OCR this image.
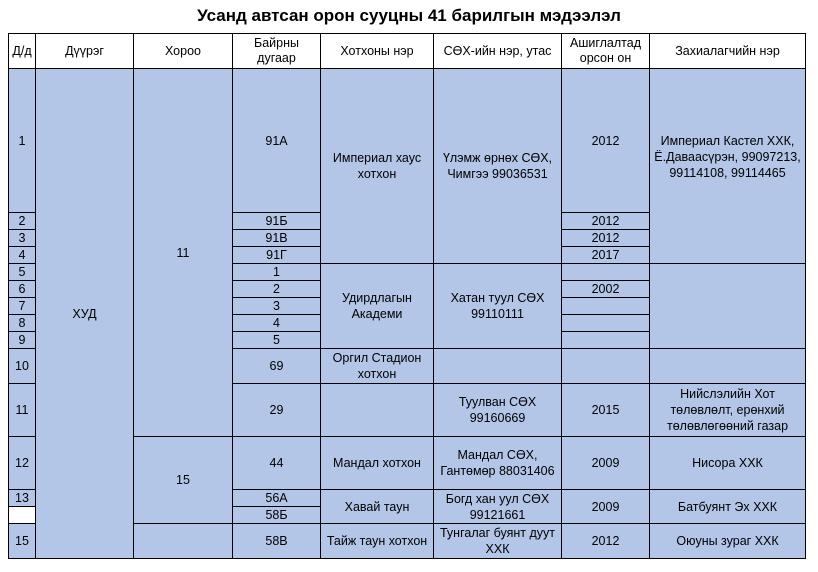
Усанд автсан орон сууцны 41 барилгын мэдээлэл
Д/д	Дүүрэг	Хороо	Байрны дугаар	Хотхоны нэр	СӨХ-ийн нэр, утас	Ашиглалтад орсон он	Захиалагчийн нэр
1	ХУД	11	91А	Империал хаус хотхон	Үлэмж өрнөх СӨХ, Чимгээ 99036531	2012	Империал Кастел ХХК, Ё.Даваасүрэн, 99097213, 99114108, 99114465
2			91Б			2012	
3			91В			2012	
4			91Г			2017	
5			1	Удирдлагын Академи	Хатан туул СӨХ 99110111		
6			2			2002	
7			3				
8			4				
9			5				
10			69	Оргил Стадион хотхон			
11			29		Туулван СӨХ 99160669	2015	Нийслэлийн Хот төлөвлөлт, ерөнхий төлөвлөгөөний газар
12		15	44	Мандал хотхон	Мандал СӨХ, Гантөмөр 88031406	2009	Нисора ХХК
13			56А	Хавай таун	Богд хан уул СӨХ 99121661	2009	Батбуянт Эх ХХК
			58Б				
15			58В	Тайж таун хотхон	Тунгалаг буянт дуут ХХК	2012	Оюуны зураг ХХК
